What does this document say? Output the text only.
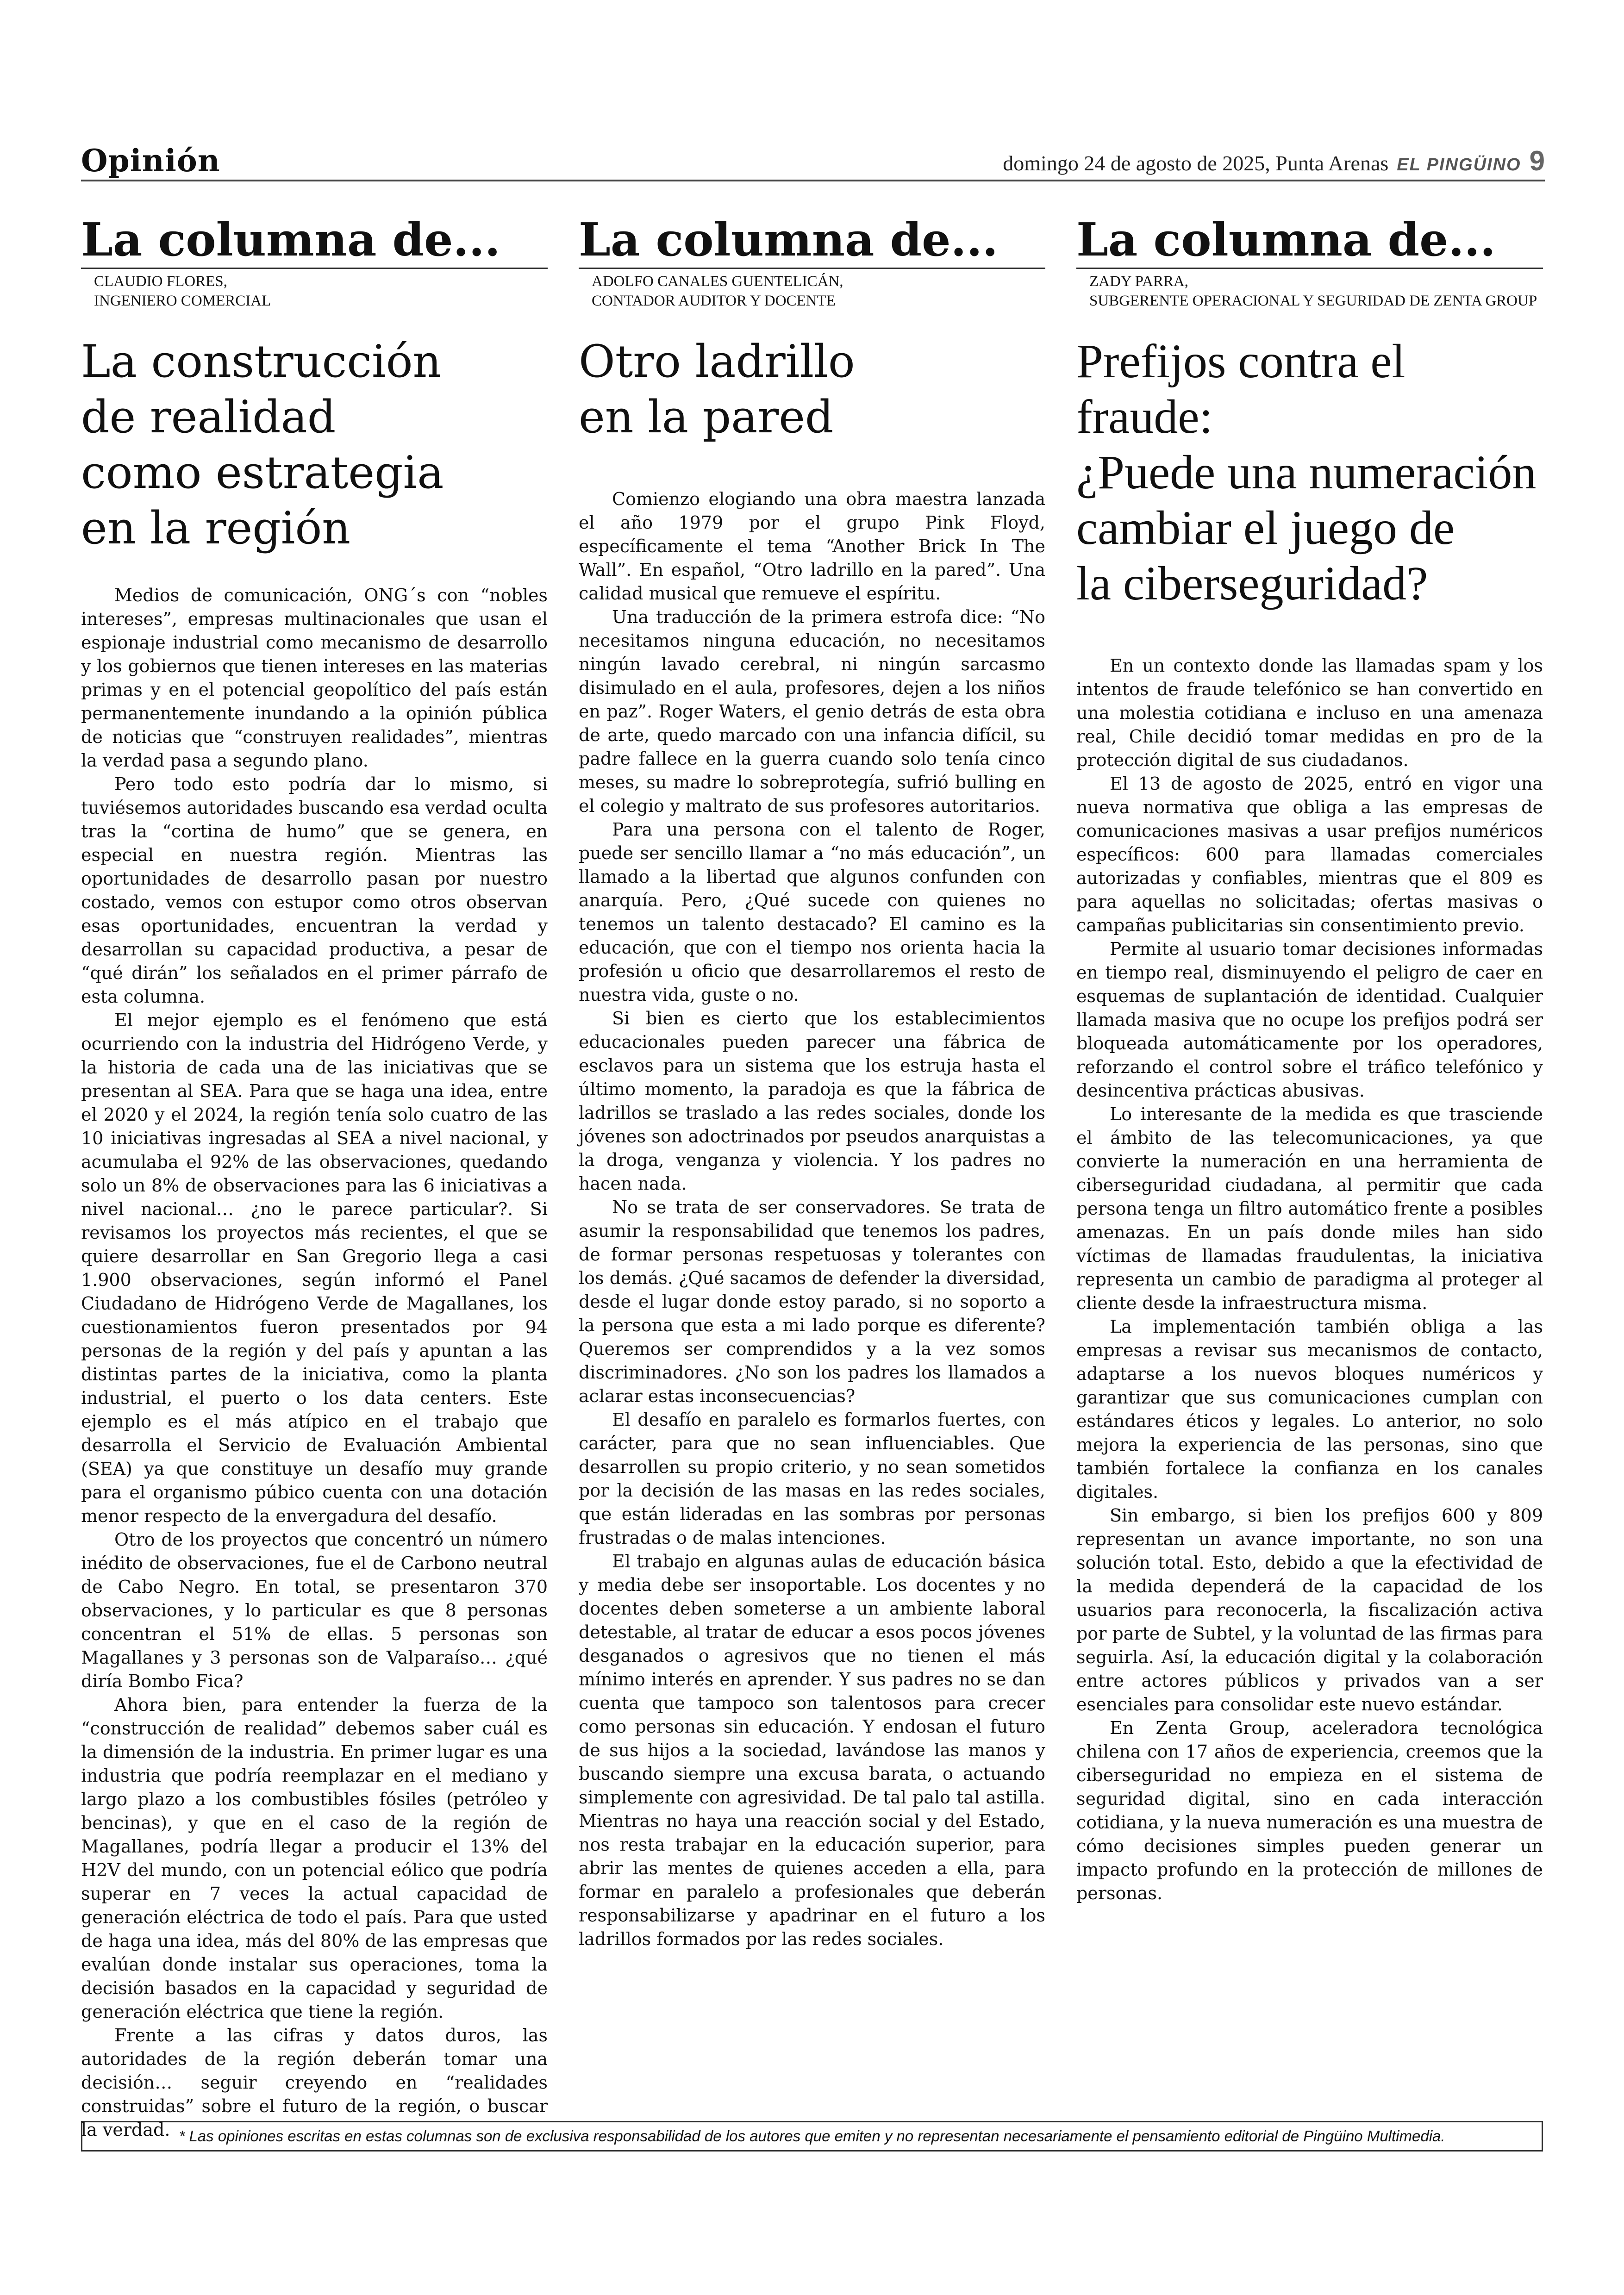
Opinión	domingo 24 de agosto de 2025, Punta Arenas EL PINGÜINO 9
La columna de...
CLAUDIO FLORES,
INGENIERO COMERCIAL
La construcción
de realidad
como estrategia
en la región

Medios de comunicación, ONG´s con “nobles intereses”, empresas multinacionales que usan el espionaje industrial como mecanismo de desarrollo y los gobiernos que tienen intereses en las materias primas y en el potencial geopolítico del país están permanentemente inundando a la opinión pública de noticias que “construyen realidades”, mientras la verdad pasa a segundo plano.

Pero todo esto podría dar lo mismo, si tuviésemos autoridades buscando esa verdad oculta tras la “cortina de humo” que se genera, en especial en nuestra región. Mientras las oportunidades de desarrollo pasan por nuestro costado, vemos con estupor como otros observan esas oportunidades, encuentran la verdad y desarrollan su capacidad productiva, a pesar de “qué dirán” los señalados en el primer párrafo de esta columna.

El mejor ejemplo es el fenómeno que está ocurriendo con la industria del Hidrógeno Verde, y la historia de cada una de las iniciativas que se presentan al SEA. Para que se haga una idea, entre el 2020 y el 2024, la región tenía solo cuatro de las 10 iniciativas ingresadas al SEA a nivel nacional, y acumulaba el 92% de las observaciones, quedando solo un 8% de observaciones para las 6 iniciativas a nivel nacional… ¿no le parece particular?. Si revisamos los proyectos más recientes, el que se quiere desarrollar en San Gregorio llega a casi 1.900 observaciones, según informó el Panel Ciudadano de Hidrógeno Verde de Magallanes, los cuestionamientos fueron presentados por 94 personas de la región y del país y apuntan a las distintas partes de la iniciativa, como la planta industrial, el puerto o los data centers. Este ejemplo es el más atípico en el trabajo que desarrolla el Servicio de Evaluación Ambiental (SEA) ya que constituye un desafío muy grande para el organismo púbico cuenta con una dotación menor respecto de la envergadura del desafío.

Otro de los proyectos que concentró un número inédito de observaciones, fue el de Carbono neutral de Cabo Negro. En total, se presentaron 370 observaciones, y lo particular es que 8 personas concentran el 51% de ellas. 5 personas son Magallanes y 3 personas son de Valparaíso… ¿qué diría Bombo Fica?

Ahora bien, para entender la fuerza de la “construcción de realidad” debemos saber cuál es la dimensión de la industria. En primer lugar es una industria que podría reemplazar en el mediano y largo plazo a los combustibles fósiles (petróleo y bencinas), y que en el caso de la región de Magallanes, podría llegar a producir el 13% del H2V del mundo, con un potencial eólico que podría superar en 7 veces la actual capacidad de generación eléctrica de todo el país. Para que usted de haga una idea, más del 80% de las empresas que evalúan donde instalar sus operaciones, toma la decisión basados en la capacidad y seguridad de generación eléctrica que tiene la región.

Frente a las cifras y datos duros, las autoridades de la región deberán tomar una decisión… seguir creyendo en “realidades construidas” sobre el futuro de la región, o buscar la verdad.

La columna de...
ADOLFO CANALES GUENTELICÁN,
CONTADOR AUDITOR Y DOCENTE
Otro ladrillo
en la pared

Comienzo elogiando una obra maestra lanzada el año 1979 por el grupo Pink Floyd, específicamente el tema “Another Brick In The Wall”. En español, “Otro ladrillo en la pared”. Una calidad musical que remueve el espíritu.

Una traducción de la primera estrofa dice: “No necesitamos ninguna educación, no necesitamos ningún lavado cerebral, ni ningún sarcasmo disimulado en el aula, profesores, dejen a los niños en paz”. Roger Waters, el genio detrás de esta obra de arte, quedo marcado con una infancia difícil, su padre fallece en la guerra cuando solo tenía cinco meses, su madre lo sobreprotegía, sufrió bulling en el colegio y maltrato de sus profesores autoritarios.

Para una persona con el talento de Roger, puede ser sencillo llamar a “no más educación”, un llamado a la libertad que algunos confunden con anarquía. Pero, ¿Qué sucede con quienes no tenemos un talento destacado? El camino es la educación, que con el tiempo nos orienta hacia la profesión u oficio que desarrollaremos el resto de nuestra vida, guste o no.

Si bien es cierto que los establecimientos educacionales pueden parecer una fábrica de esclavos para un sistema que los estruja hasta el último momento, la paradoja es que la fábrica de ladrillos se traslado a las redes sociales, donde los jóvenes son adoctrinados por pseudos anarquistas a la droga, venganza y violencia. Y los padres no hacen nada.

No se trata de ser conservadores. Se trata de asumir la responsabilidad que tenemos los padres, de formar personas respetuosas y tolerantes con los demás. ¿Qué sacamos de defender la diversidad, desde el lugar donde estoy parado, si no soporto a la persona que esta a mi lado porque es diferente? Queremos ser comprendidos y a la vez somos discriminadores. ¿No son los padres los llamados a aclarar estas inconsecuencias?

El desafío en paralelo es formarlos fuertes, con carácter, para que no sean influenciables. Que desarrollen su propio criterio, y no sean sometidos por la decisión de las masas en las redes sociales, que están lideradas en las sombras por personas frustradas o de malas intenciones.

El trabajo en algunas aulas de educación básica y media debe ser insoportable. Los docentes y no docentes deben someterse a un ambiente laboral detestable, al tratar de educar a esos pocos jóvenes desganados o agresivos que no tienen el más mínimo interés en aprender. Y sus padres no se dan cuenta que tampoco son talentosos para crecer como personas sin educación. Y endosan el futuro de sus hijos a la sociedad, lavándose las manos y buscando siempre una excusa barata, o actuando simplemente con agresividad. De tal palo tal astilla. Mientras no haya una reacción social y del Estado, nos resta trabajar en la educación superior, para abrir las mentes de quienes acceden a ella, para formar en paralelo a profesionales que deberán responsabilizarse y apadrinar en el futuro a los ladrillos formados por las redes sociales.

La columna de...
ZADY PARRA,
SUBGERENTE OPERACIONAL Y SEGURIDAD DE ZENTA GROUP
Prefijos contra el fraude:
¿Puede una numeración
cambiar el juego de
la ciberseguridad?

En un contexto donde las llamadas spam y los intentos de fraude telefónico se han convertido en una molestia cotidiana e incluso en una amenaza real, Chile decidió tomar medidas en pro de la protección digital de sus ciudadanos.

El 13 de agosto de 2025, entró en vigor una nueva normativa que obliga a las empresas de comunicaciones masivas a usar prefijos numéricos específicos: 600 para llamadas comerciales autorizadas y confiables, mientras que el 809 es para aquellas no solicitadas; ofertas masivas o campañas publicitarias sin consentimiento previo.

Permite al usuario tomar decisiones informadas en tiempo real, disminuyendo el peligro de caer en esquemas de suplantación de identidad. Cualquier llamada masiva que no ocupe los prefijos podrá ser bloqueada automáticamente por los operadores, reforzando el control sobre el tráfico telefónico y desincentiva prácticas abusivas.

Lo interesante de la medida es que trasciende el ámbito de las telecomunicaciones, ya que convierte la numeración en una herramienta de ciberseguridad ciudadana, al permitir que cada persona tenga un filtro automático frente a posibles amenazas. En un país donde miles han sido víctimas de llamadas fraudulentas, la iniciativa representa un cambio de paradigma al proteger al cliente desde la infraestructura misma.

La implementación también obliga a las empresas a revisar sus mecanismos de contacto, adaptarse a los nuevos bloques numéricos y garantizar que sus comunicaciones cumplan con estándares éticos y legales. Lo anterior, no solo mejora la experiencia de las personas, sino que también fortalece la confianza en los canales digitales.

Sin embargo, si bien los prefijos 600 y 809 representan un avance importante, no son una solución total. Esto, debido a que la efectividad de la medida dependerá de la capacidad de los usuarios para reconocerla, la fiscalización activa por parte de Subtel, y la voluntad de las firmas para seguirla. Así, la educación digital y la colaboración entre actores públicos y privados van a ser esenciales para consolidar este nuevo estándar.

En Zenta Group, aceleradora tecnológica chilena con 17 años de experiencia, creemos que la ciberseguridad no empieza en el sistema de seguridad digital, sino en cada interacción cotidiana, y la nueva numeración es una muestra de cómo decisiones simples pueden generar un impacto profundo en la protección de millones de personas.

* Las opiniones escritas en estas columnas son de exclusiva responsabilidad de los autores que emiten y no representan necesariamente el pensamiento editorial de Pingüino Multimedia.
